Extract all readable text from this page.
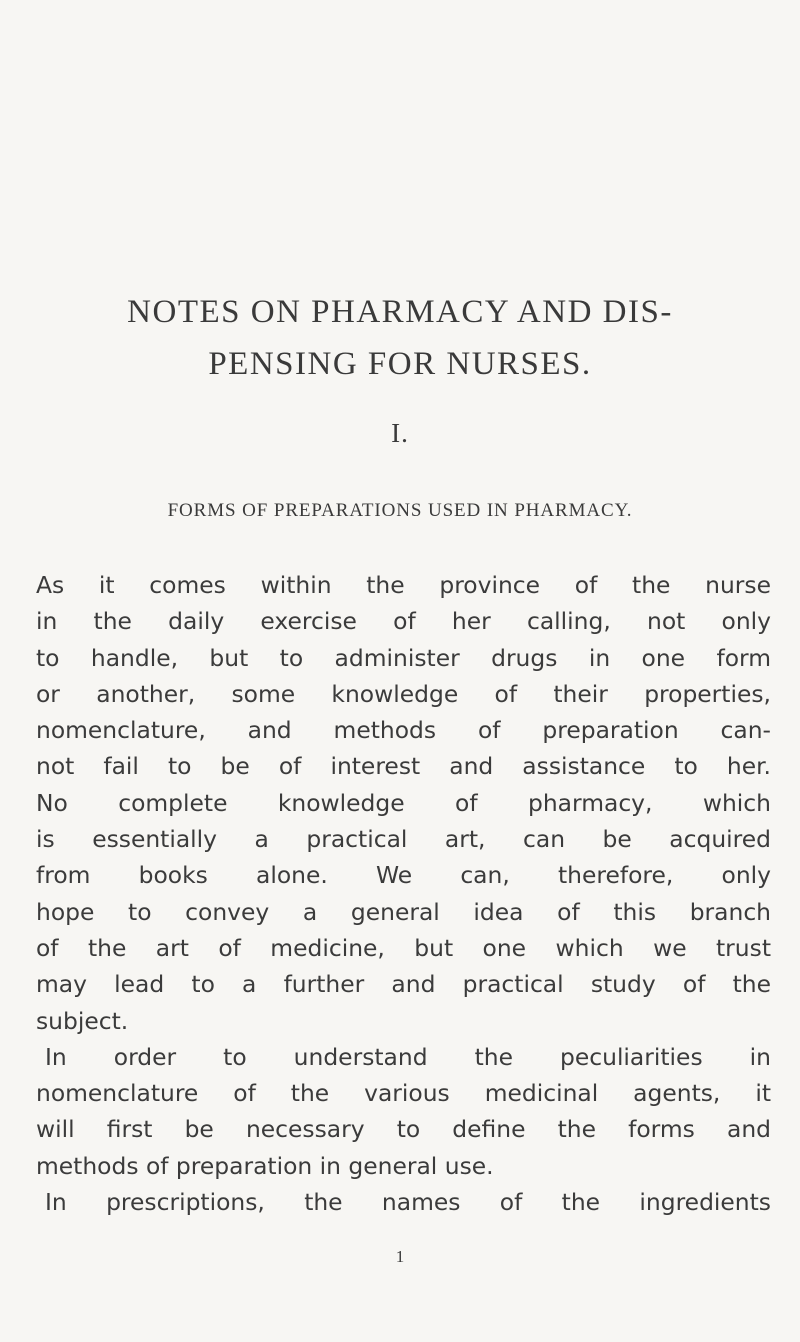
NOTES ON PHARMACY AND DIS-
PENSING FOR NURSES.
I.
FORMS OF PREPARATIONS USED IN PHARMACY.
As it comes within the province of the nurse
in the daily exercise of her calling, not only
to handle, but to administer drugs in one form
or another, some knowledge of their properties,
nomenclature, and methods of preparation can-
not fail to be of interest and assistance to her.
No complete knowledge of pharmacy, which
is essentially a practical art, can be acquired
from books alone. We can, therefore, only
hope to convey a general idea of this branch
of the art of medicine, but one which we trust
may lead to a further and practical study of the
subject.
In order to understand the peculiarities in
nomenclature of the various medicinal agents, it
will first be necessary to define the forms and
methods of preparation in general use.
In prescriptions, the names of the ingredients
1
